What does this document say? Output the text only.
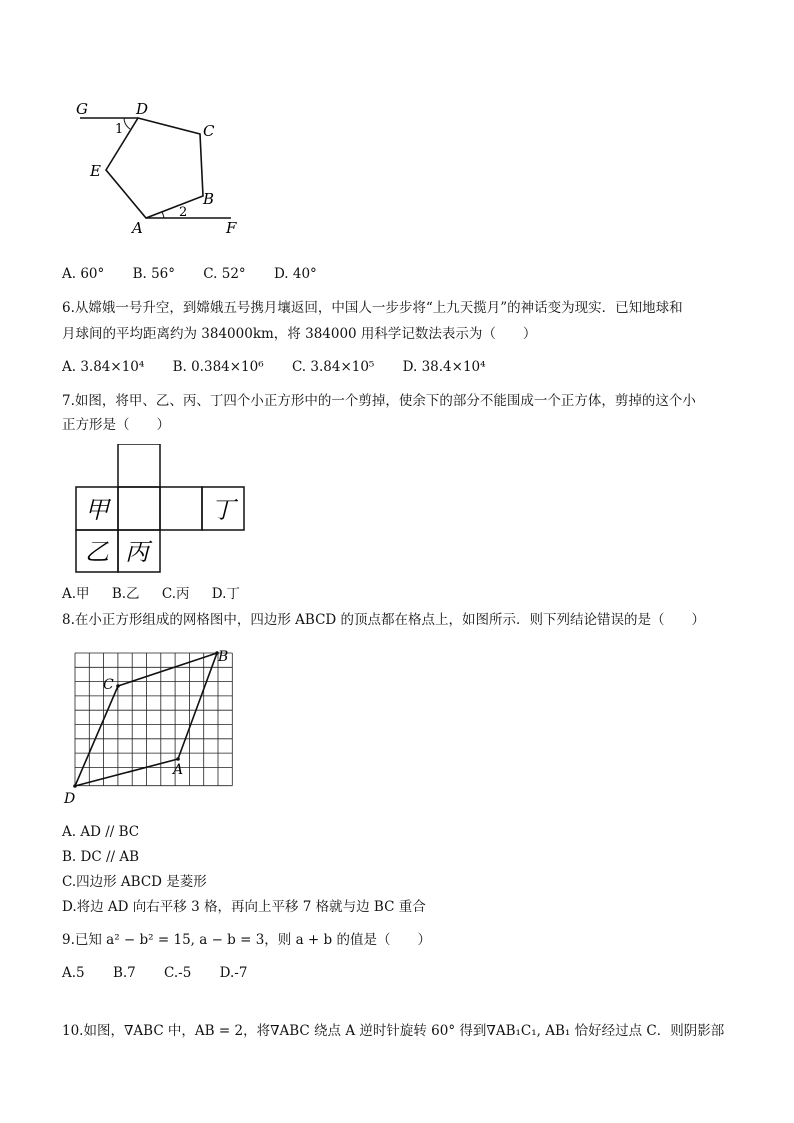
G	D
C
E
B
A	F
1
2
A. 60° B. 56° C. 52° D. 40°
6.从嫦娥一号升空，到嫦娥五号携月壤返回，中国人一步步将“上九天揽月”的神话变为现实．已知地球和
月球间的平均距离约为 384000km，将 384000 用科学记数法表示为（　　）
A. 3.84×10⁴ B. 0.384×10⁶ C. 3.84×10⁵ D. 38.4×10⁴
7.如图，将甲、乙、丙、丁四个小正方形中的一个剪掉，使余下的部分不能围成一个正方体，剪掉的这个小
正方形是（　　）
甲	丁
乙 丙
A.甲 B.乙 C.丙 D.丁
8.在小正方形组成的网格图中，四边形 ABCD 的顶点都在格点上，如图所示．则下列结论错误的是（　　）
A
B
C
D
A. AD // BC
B. DC // AB
C.四边形 ABCD 是菱形
D.将边 AD 向右平移 3 格，再向上平移 7 格就与边 BC 重合
9.已知 a² − b² = 15, a − b = 3，则 a + b 的值是（　　）
A.5 B.7 C.-5 D.-7
10.如图，∇ABC 中，AB = 2，将∇ABC 绕点 A 逆时针旋转 60° 得到∇AB₁C₁, AB₁ 恰好经过点 C．则阴影部
